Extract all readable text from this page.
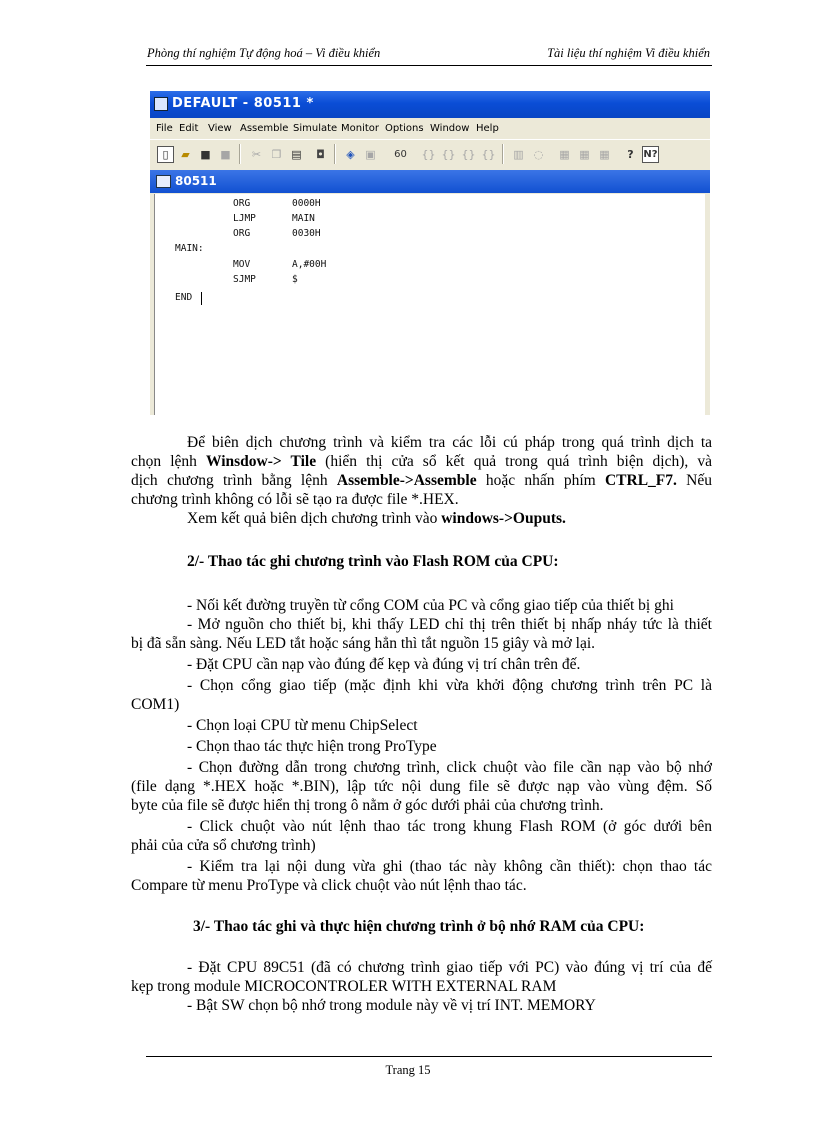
Phòng thí nghiệm Tự động hoá – Vi điều khiển	Tài liệu thí nghiệm Vi điều khiển
DEFAULT - 80511 *
File Edit View Assemble Simulate Monitor Options Window Help
▯	▰ ■ ■	✂ ❐ ▤	◘	◈ ▣	60 {} {} {} {} ▥ ◌	▦ ▦ ▦	? N?
80511
ORG	0000H
LJMP	MAIN
ORG	0030H
MAIN:
MOV	A,#00H
SJMP	$
END
Để biên dịch chương trình và kiểm tra các lỗi cú pháp trong quá trình dịch ta
chọn lệnh Winsdow-> Tile (hiển thị cửa sổ kết quả trong quá trình biện dịch), và
dịch chương trình bằng lệnh Assemble->Assemble hoặc nhấn phím CTRL_F7. Nếu
chương trình không có lỗi sẽ tạo ra được file *.HEX.
Xem kết quả biên dịch chương trình vào windows->Ouputs.
2/- Thao tác ghi chương trình vào Flash ROM của CPU:
- Nối kết đường truyền từ cổng COM của PC và cổng giao tiếp của thiết bị ghi
- Mở nguồn cho thiết bị, khi thấy LED chỉ thị trên thiết bị nhấp nháy tức là thiết
bị đã sẵn sàng. Nếu LED tắt hoặc sáng hẳn thì tắt nguồn 15 giây và mở lại.
- Đặt CPU cần nạp vào đúng đế kẹp và đúng vị trí chân trên đế.
- Chọn cổng giao tiếp (mặc định khi vừa khởi động chương trình trên PC là
COM1)
- Chọn loại CPU từ menu ChipSelect
- Chọn thao tác thực hiện trong ProType
- Chọn đường dẫn trong chương trình, click chuột vào file cần nạp vào bộ nhớ
(file dạng *.HEX hoặc *.BIN), lập tức nội dung file sẽ được nạp vào vùng đệm. Số
byte của file sẽ được hiển thị trong ô nằm ở góc dưới phải của chương trình.
- Click chuột vào nút lệnh thao tác trong khung Flash ROM (ở góc dưới bên
phải của cửa sổ chương trình)
- Kiểm tra lại nội dung vừa ghi (thao tác này không cần thiết): chọn thao tác
Compare từ menu ProType và click chuột vào nút lệnh thao tác.
3/- Thao tác ghi và thực hiện chương trình ở bộ nhớ RAM của CPU:
- Đặt CPU 89C51 (đã có chương trình giao tiếp với PC) vào đúng vị trí của đế
kẹp trong module MICROCONTROLER WITH EXTERNAL RAM
- Bật SW chọn bộ nhớ trong module này về vị trí INT. MEMORY
Trang 15
